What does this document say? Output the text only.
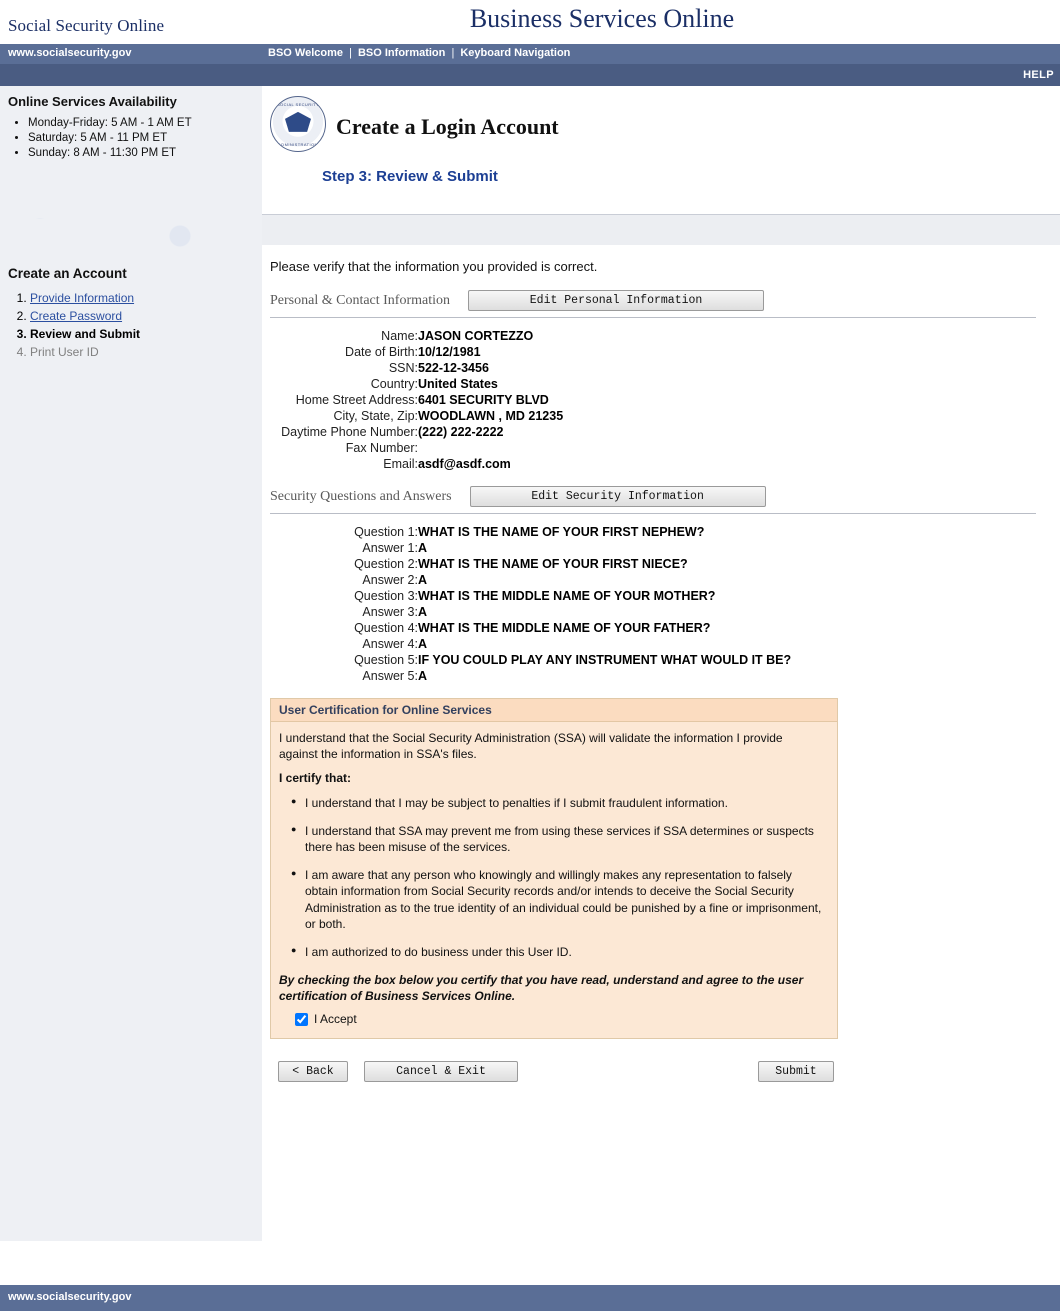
Social Security Online	Business Services Online
www.socialsecurity.gov	BSO Welcome | BSO Information | Keyboard Navigation
HELP
Online Services Availability
• Monday-Friday: 5 AM - 1 AM ET
• Saturday: 5 AM - 11 PM ET
• Sunday: 8 AM - 11:30 PM ET
Create an Account
1. Provide Information
2. Create Password
3. Review and Submit
4. Print User ID
SOCIAL SECURITY
ADMINISTRATION
Create a Login Account
Step 3: Review & Submit

Please verify that the information you provided is correct.

Personal & Contact Information	Edit Personal Information
Name:	JASON CORTEZZO
Date of Birth:	10/12/1981
SSN:	522-12-3456
Country:	United States
Home Street Address:	6401 SECURITY BLVD
City, State, Zip:	WOODLAWN , MD 21235
Daytime Phone Number:	(222) 222-2222
Fax Number:	
Email:	asdf@asdf.com
Security Questions and Answers	Edit Security Information
Question 1:	WHAT IS THE NAME OF YOUR FIRST NEPHEW?
Answer 1:	A
Question 2:	WHAT IS THE NAME OF YOUR FIRST NIECE?
Answer 2:	A
Question 3:	WHAT IS THE MIDDLE NAME OF YOUR MOTHER?
Answer 3:	A
Question 4:	WHAT IS THE MIDDLE NAME OF YOUR FATHER?
Answer 4:	A
Question 5:	IF YOU COULD PLAY ANY INSTRUMENT WHAT WOULD IT BE?
Answer 5:	A
User Certification for Online Services

I understand that the Social Security Administration (SSA) will validate the information I provide against the information in SSA's files.

I certify that:

● I understand that I may be subject to penalties if I submit fraudulent information.
● I understand that SSA may prevent me from using these services if SSA determines or suspects there has been misuse of the services.
● I am aware that any person who knowingly and willingly makes any representation to falsely obtain information from Social Security records and/or intends to deceive the Social Security Administration as to the true identity of an individual could be punished by a fine or imprisonment, or both.
● I am authorized to do business under this User ID.

By checking the box below you certify that you have read, understand and agree to the user certification of Business Services Online.

I Accept
< Back	Cancel & Exit	Submit
www.socialsecurity.gov
